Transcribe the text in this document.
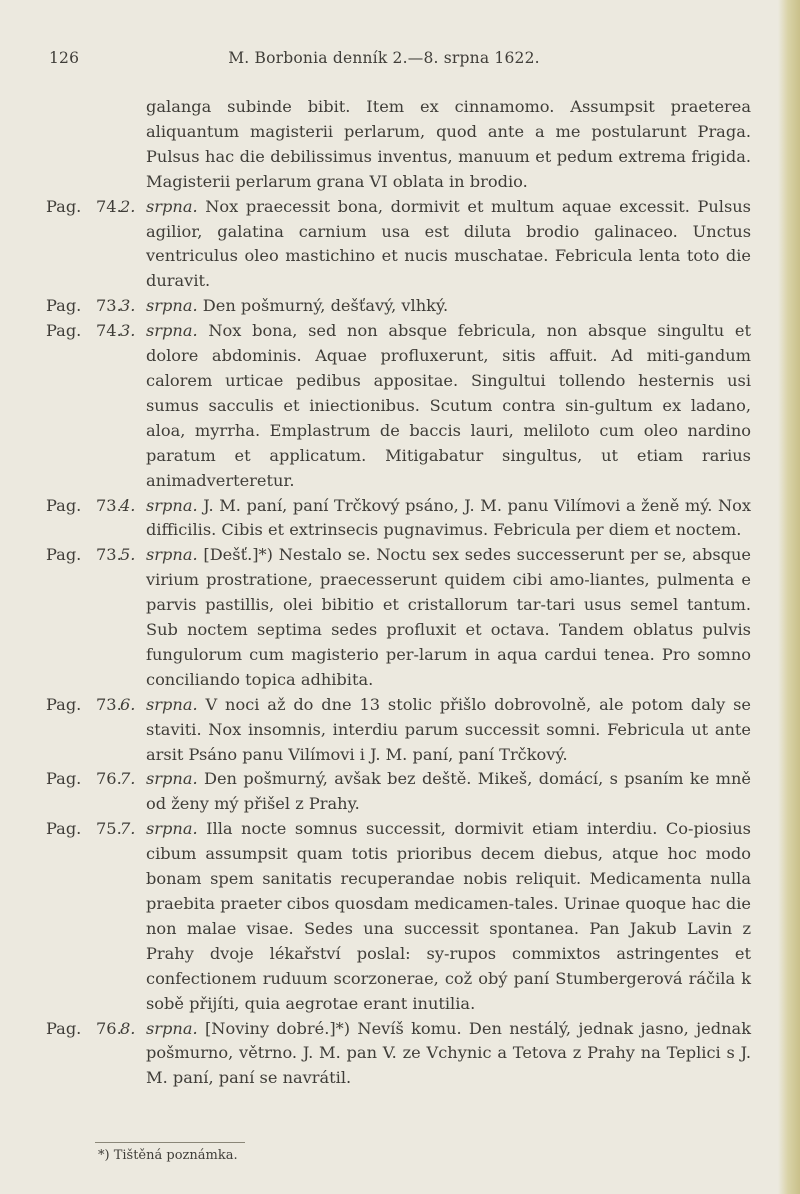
126	M. Borbonia denník 2.—8. srpna 1622.
galanga subinde bibit. Item ex cinnamomo. Assumpsit praeterea aliquantum magisterii perlarum, quod ante a me postularunt Praga. Pulsus hac die debilissimus inventus, manuum et pedum extrema frigida. Magisterii perlarum grana VI oblata in brodio.
Pag. 74.2. srpna. Nox praecessit bona, dormivit et multum aquae excessit. Pulsus agilior, galatina carnium usa est diluta brodio galinaceo. Unctus ventriculus oleo mastichino et nucis muschatae. Febricula lenta toto die duravit.
Pag. 73.3. srpna. Den pošmurný, dešťavý, vlhký.
Pag. 74.3. srpna. Nox bona, sed non absque febricula, non absque singultu et dolore abdominis. Aquae profluxerunt, sitis affuit. Ad miti-gandum calorem urticae pedibus appositae. Singultui tollendo hesternis usi sumus sacculis et iniectionibus. Scutum contra sin-gultum ex ladano, aloa, myrrha. Emplastrum de baccis lauri, meliloto cum oleo nardino paratum et applicatum. Mitigabatur singultus, ut etiam rarius animadverteretur.
Pag. 73.4. srpna. J. M. paní, paní Trčkový psáno, J. M. panu Vilímovi a ženě mý. Nox difficilis. Cibis et extrinsecis pugnavimus. Febricula per diem et noctem.
Pag. 73.5. srpna. [Dešť.]*) Nestalo se. Noctu sex sedes successerunt per se, absque virium prostratione, praecesserunt quidem cibi amo-liantes, pulmenta e parvis pastillis, olei bibitio et cristallorum tar-tari usus semel tantum. Sub noctem septima sedes profluxit et octava. Tandem oblatus pulvis fungulorum cum magisterio per-larum in aqua cardui tenea. Pro somno conciliando topica adhibita.
Pag. 73.6. srpna. V noci až do dne 13 stolic přišlo dobrovolně, ale potom daly se staviti. Nox insomnis, interdiu parum successit somni. Febricula ut ante arsit Psáno panu Vilímovi i J. M. paní, paní Trčkový.
Pag. 76.7. srpna. Den pošmurný, avšak bez deště. Mikeš, domácí, s psaním ke mně od ženy mý přišel z Prahy.
Pag. 75.7. srpna. Illa nocte somnus successit, dormivit etiam interdiu. Co-piosius cibum assumpsit quam totis prioribus decem diebus, atque hoc modo bonam spem sanitatis recuperandae nobis reliquit. Medicamenta nulla praebita praeter cibos quosdam medicamen-tales. Urinae quoque hac die non malae visae. Sedes una successit spontanea. Pan Jakub Lavin z Prahy dvoje lékařství poslal: sy-rupos commixtos astringentes et confectionem ruduum scorzonerae, což obý paní Stumbergerová ráčila k sobě přijíti, quia aegrotae erant inutilia.
Pag. 76.8. srpna. [Noviny dobré.]*) Nevíš komu. Den nestálý, jednak jasno, jednak pošmurno, větrno. J. M. pan V. ze Vchynic a Tetova z Prahy na Teplici s J. M. paní, paní se navrátil.
*) Tištěná poznámka.
